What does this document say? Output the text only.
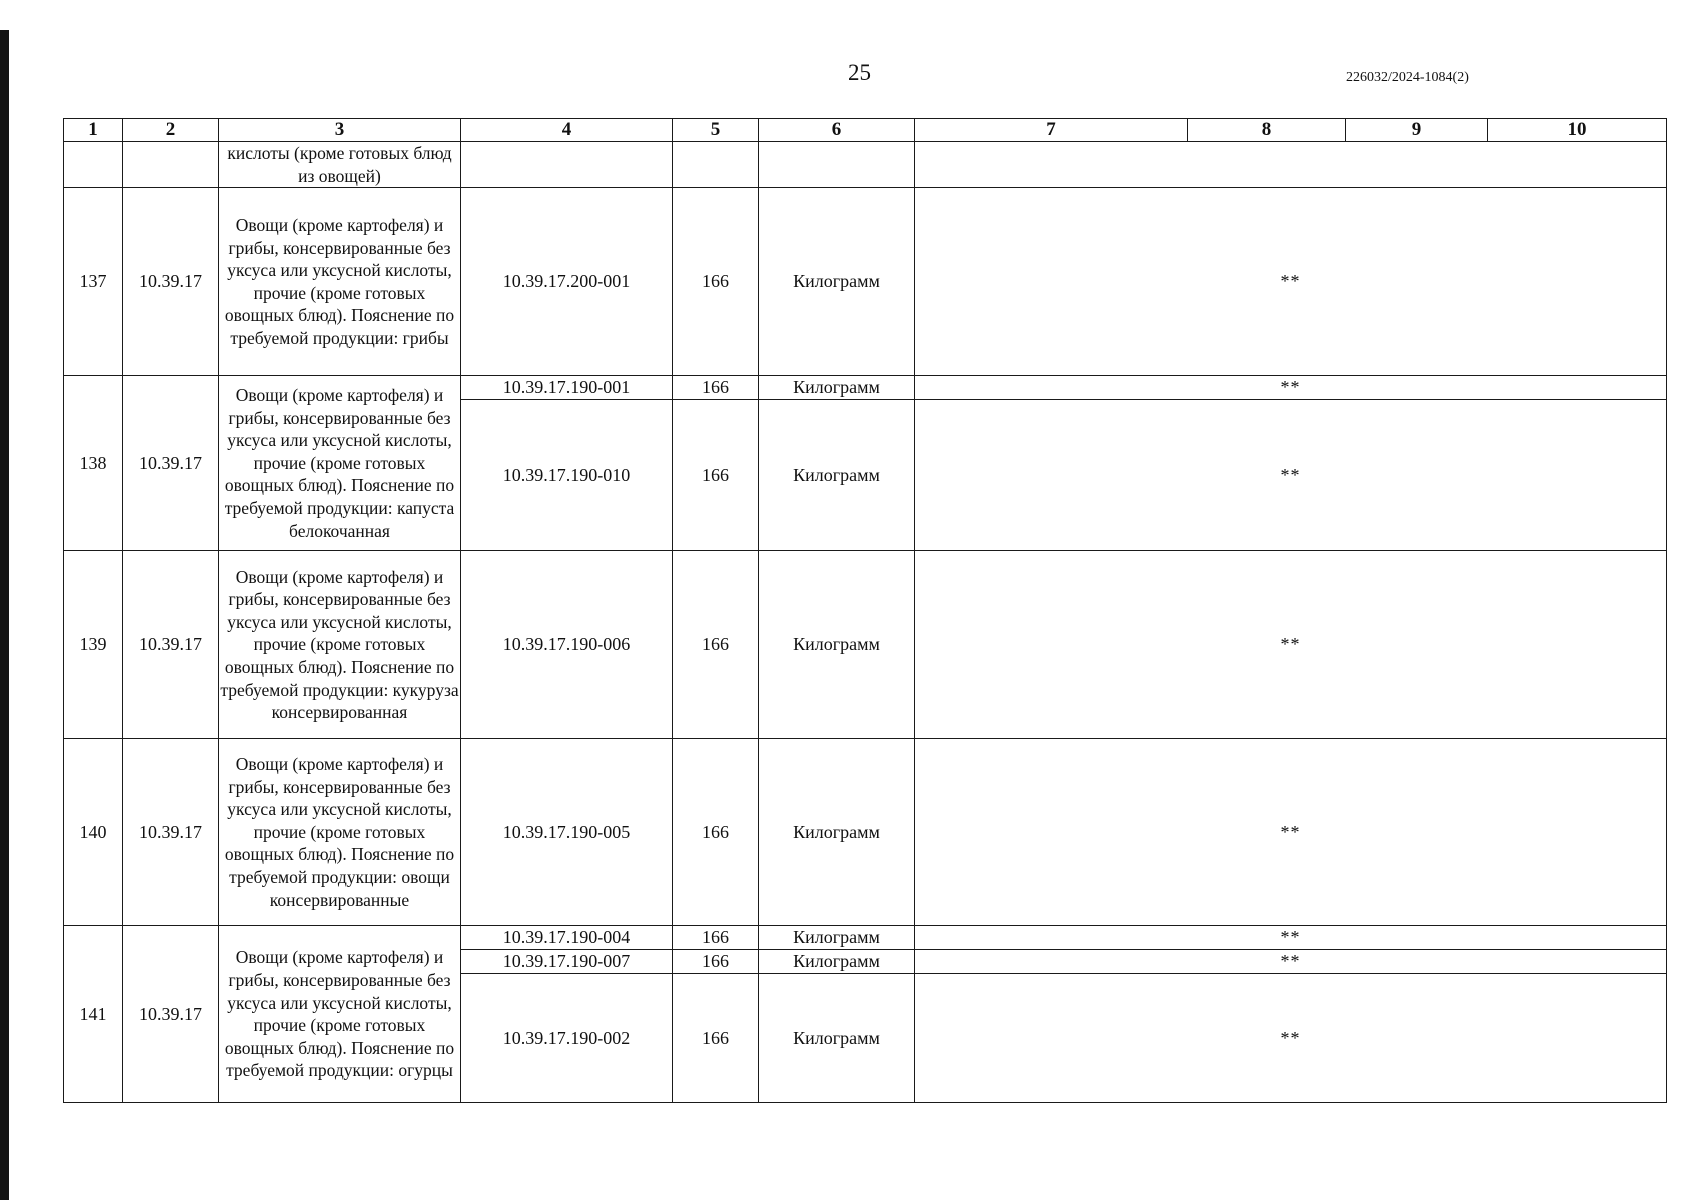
25	226032/2024-1084(2)
1	2	3	4	5	6	7	8	9	10
		кислоты (кроме готовых блюд из овощей)							
137	10.39.17	Овощи (кроме картофеля) и грибы, консервированные без уксуса или уксусной кислоты, прочие (кроме готовых овощных блюд). Пояснение по требуемой продукции: грибы	10.39.17.200-001	166	Килограмм	**			
138	10.39.17	Овощи (кроме картофеля) и грибы, консервированные без уксуса или уксусной кислоты, прочие (кроме готовых овощных блюд). Пояснение по требуемой продукции: капуста белокочанная	10.39.17.190-001	166	Килограмм	**			
			10.39.17.190-010	166	Килограмм	**			
139	10.39.17	Овощи (кроме картофеля) и грибы, консервированные без уксуса или уксусной кислоты, прочие (кроме готовых овощных блюд). Пояснение по требуемой продукции: кукуруза консервированная	10.39.17.190-006	166	Килограмм	**			
140	10.39.17	Овощи (кроме картофеля) и грибы, консервированные без уксуса или уксусной кислоты, прочие (кроме готовых овощных блюд). Пояснение по требуемой продукции: овощи консервированные	10.39.17.190-005	166	Килограмм	**			
141	10.39.17	Овощи (кроме картофеля) и грибы, консервированные без уксуса или уксусной кислоты, прочие (кроме готовых овощных блюд). Пояснение по требуемой продукции: огурцы	10.39.17.190-004	166	Килограмм	**			
			10.39.17.190-007	166	Килограмм	**			
			10.39.17.190-002	166	Килограмм	**			
